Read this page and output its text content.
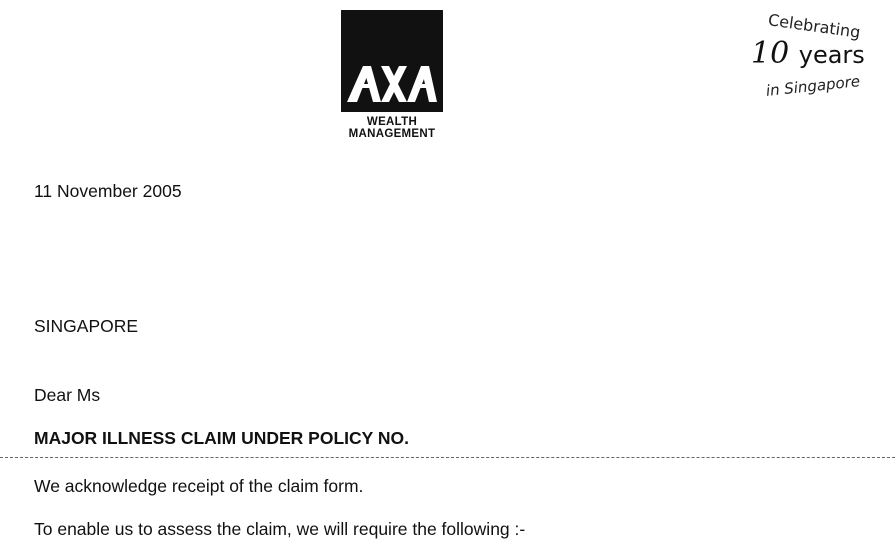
WEALTH
MANAGEMENT
Celebrating
10 years
in Singapore
11 November 2005
SINGAPORE
Dear Ms
MAJOR ILLNESS CLAIM UNDER POLICY NO.
We acknowledge receipt of the claim form.
To enable us to assess the claim, we will require the following :-
